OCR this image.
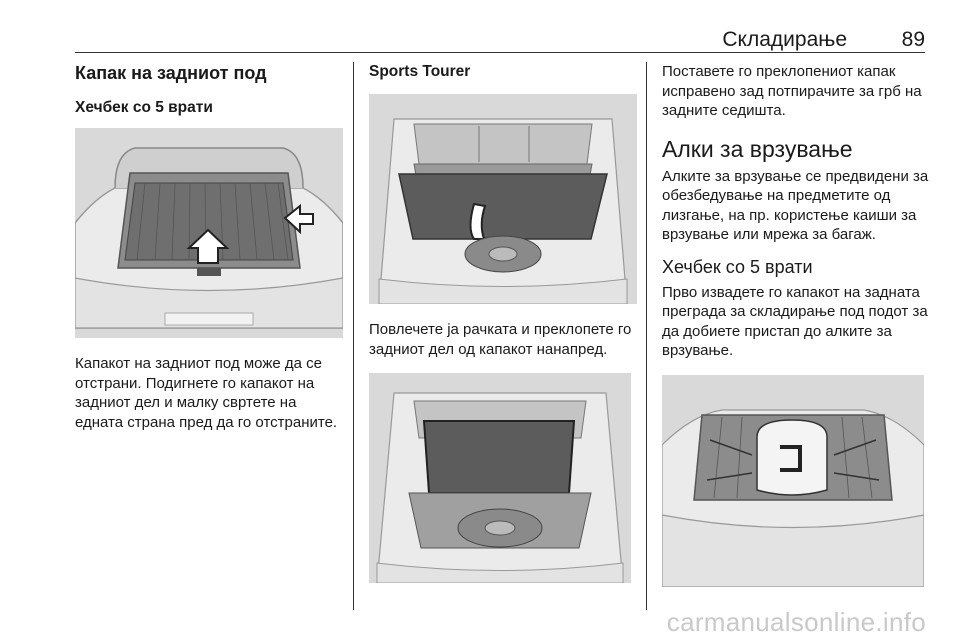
Складирање	89
Капак на задниот под
Хечбек со 5 врати

Капакот на задниот под може да се отстрани. Подигнете го капакот на задниот дел и малку свртете на едната страна пред да го отстраните.

Sports Tourer

Повлечете ја рачката и преклопете го задниот дел од капакот нанапред.

Поставете го преклопениот капак исправено зад потпирачите за грб на задните седишта.

Алки за врзување

Алките за врзување се предвидени за обезбедување на предметите од лизгање, на пр. користење каиши за врзување или мрежа за багаж.

Хечбек со 5 врати

Прво извадете го капакот на задната преграда за складирање под подот за да добиете пристап до алките за врзување.

carmanualsonline.info
